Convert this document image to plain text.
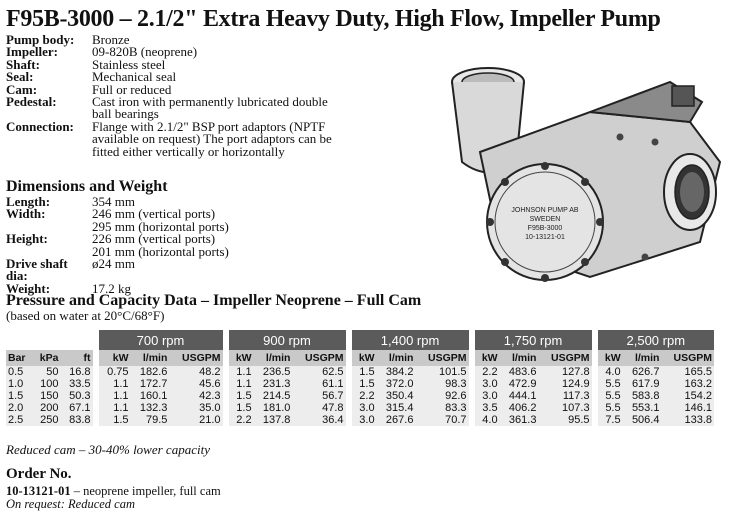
F95B-3000 – 2.1/2" Extra Heavy Duty, High Flow, Impeller Pump
Pump body:	Bronze
Impeller:	09-820B (neoprene)
Shaft:	Stainless steel
Seal:	Mechanical seal
Cam:	Full or reduced
Pedestal:	Cast iron with permanently lubricated double ball bearings
Connection:	Flange with 2.1/2" BSP port adaptors (NPTF available on request) The port adaptors can be fitted either vertically or horizontally
Dimensions and Weight
Length:	354 mm
Width:	246 mm (vertical ports)
295 mm (horizontal ports)
Height:	226 mm (vertical ports)
201 mm (horizontal ports)
Drive shaft dia:
ø24 mm
Weight:	17.2 kg
JOHNSON PUMP AB
SWEDEN
F95B-3000
10-13121-01
Pressure and Capacity Data – Impeller Neoprene – Full Cam
(based on water at 20°C/68°F)
			700 rpm			900 rpm			1,400 rpm			1,750 rpm			2,500 rpm		
Bar	kPa	ft	kW	l/min	USGPM	kW	l/min	USGPM	kW	l/min	USGPM	kW	l/min	USGPM	kW	l/min	USGPM
0.5	50	16.8	0.75	182.6	48.2	1.1	236.5	62.5	1.5	384.2	101.5	2.2	483.6	127.8	4.0	626.7	165.5
1.0	100	33.5	1.1	172.7	45.6	1.1	231.3	61.1	1.5	372.0	98.3	3.0	472.9	124.9	5.5	617.9	163.2
1.5	150	50.3	1.1	160.1	42.3	1.5	214.5	56.7	2.2	350.4	92.6	3.0	444.1	117.3	5.5	583.8	154.2
2.0	200	67.1	1.1	132.3	35.0	1.5	181.0	47.8	3.0	315.4	83.3	3.5	406.2	107.3	5.5	553.1	146.1
2.5	250	83.8	1.5	79.5	21.0	2.2	137.8	36.4	3.0	267.6	70.7	4.0	361.3	95.5	7.5	506.4	133.8
Reduced cam – 30-40% lower capacity
Order No.
10-13121-01 – neoprene impeller, full cam
On request: Reduced cam
